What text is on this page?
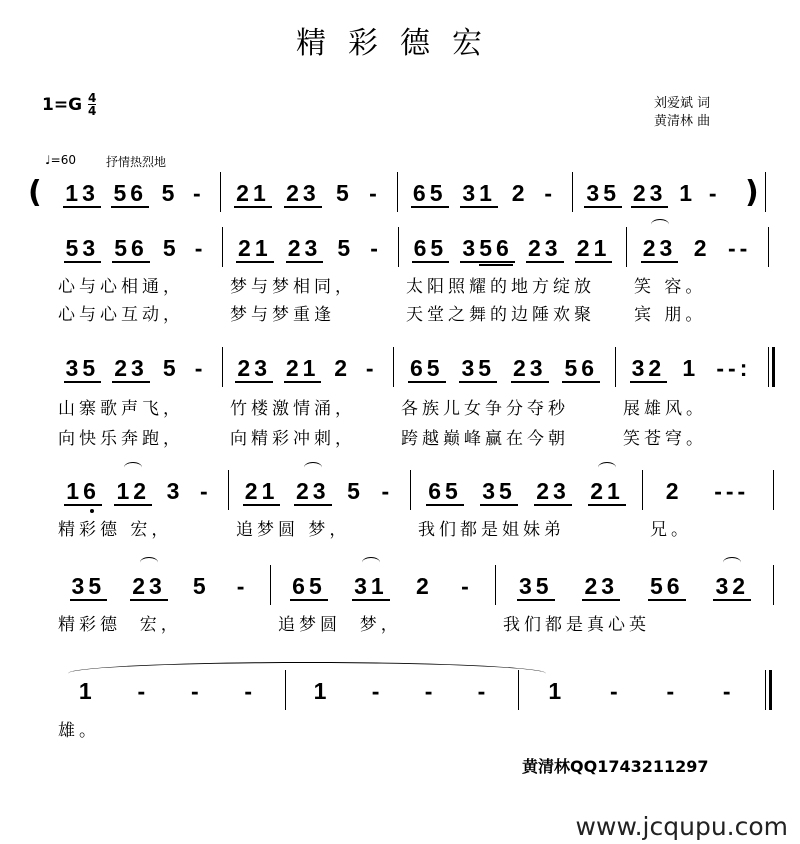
精彩德宏
$1=G \frac{4}{4}$	刘爱斌 词
黄清林 曲
♩=60	抒情热烈地
(	)
13 56 5 - 21 23 5 - 65 31 2 - 35 23 1 -
53 56 5 - 21 23 5 - 65 356 23 21 23 2 --
心与心相通，	梦与梦相同，	太阳照耀的地方绽放 笑 容。
心与心互动，	梦与梦重逢	天堂之舞的边陲欢聚 宾 朋。
35 23 5 - 23 21 2 - 65 35 23 56 32 1 --:
山寨歌声飞，	竹楼激情涌，	各族儿女争分夺秒	展雄风。
向快乐奔跑，	向精彩冲刺，	跨越巅峰赢在今朝	笑苍穹。
16 12 3 - 21 23 5 - 65 35 23 21 2 ---
精彩德 宏，	追梦圆 梦，	我们都是姐妹弟	兄。
35 23 5 - 65 31 2 - 35 23 56 32
精彩德  宏，	追梦圆  梦，	我们都是真心英
1 - - -	1 - - -	1 - - -
雄。
黄清林QQ1743211297
www.jcqupu.com
